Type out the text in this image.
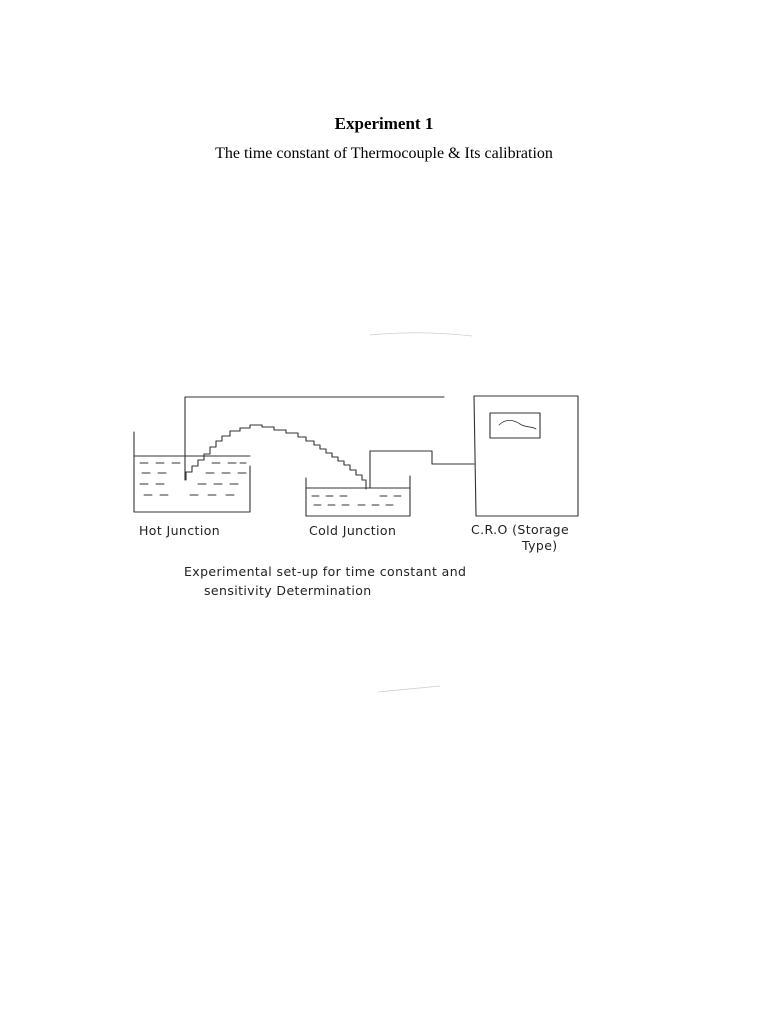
Experiment 1
The time constant of Thermocouple & Its calibration
Hot Junction	Cold Junction	C.R.O (Storage
Type)
Experimental set-up for time constant and
sensitivity Determination
